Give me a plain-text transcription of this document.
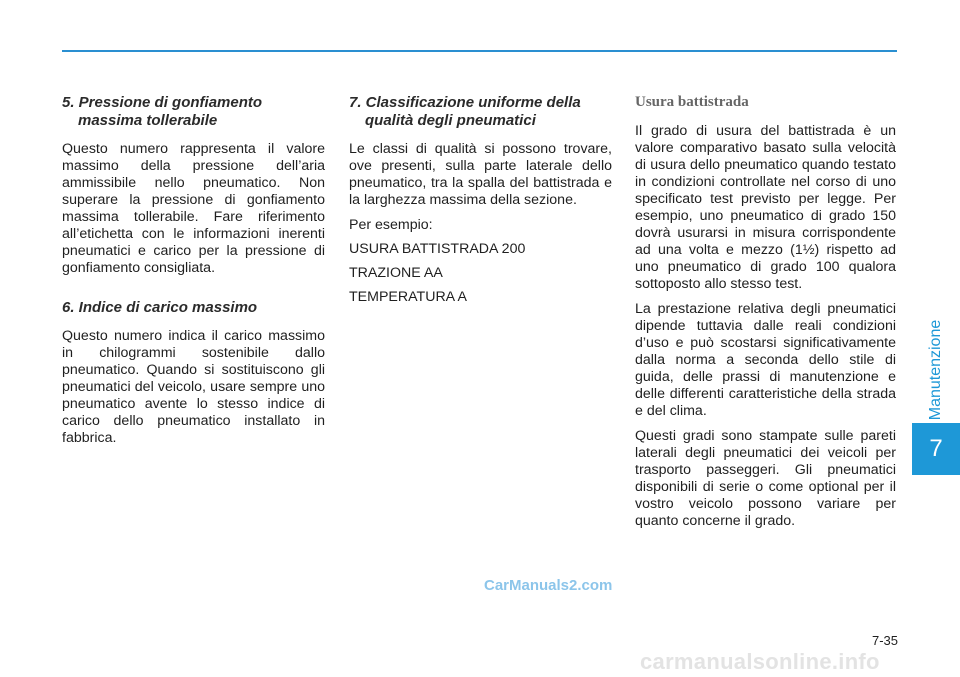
5. Pressione di gonfiamento massima tollerabile

Questo numero rappresenta il valore massimo della pressione dell’aria ammissibile nello pneumatico. Non superare la pressione di gonfiamento massima tollerabile. Fare riferimento all’etichetta con le informazioni inerenti pneumatici e carico per la pressione di gonfiamento consigliata.

6. Indice di carico massimo

Questo numero indica il carico massimo in chilogrammi sostenibile dallo pneumatico. Quando si sostituiscono gli pneumatici del veicolo, usare sempre uno pneumatico avente lo stesso indice di carico dello pneumatico installato in fabbrica.

7. Classificazione uniforme della qualità degli pneumatici

Le classi di qualità si possono trovare, ove presenti, sulla parte laterale dello pneumatico, tra la spalla del battistrada e la larghezza massima della sezione.

Per esempio:

USURA BATTISTRADA 200

TRAZIONE AA

TEMPERATURA A

Usura battistrada

Il grado di usura del battistrada è un valore comparativo basato sulla velocità di usura dello pneumatico quando testato in condizioni controllate nel corso di uno specificato test previsto per legge. Per esempio, uno pneumatico di grado 150 dovrà usurarsi in misura corrispondente ad una volta e mezzo (1½) rispetto ad uno pneumatico di grado 100 qualora sottoposto allo stesso test.

La prestazione relativa degli pneumatici dipende tuttavia dalle reali condizioni d’uso e può scostarsi significativamente dalla norma a seconda dello stile di guida, delle prassi di manutenzione e delle differenti caratteristiche della strada e del clima.

Questi gradi sono stampate sulle pareti laterali degli pneumatici dei veicoli per trasporto passeggeri. Gli pneumatici disponibili di serie o come optional per il vostro veicolo possono variare per quanto concerne il grado.

Manutenzione
7
CarManuals2.com
7-35
carmanualsonline.info
